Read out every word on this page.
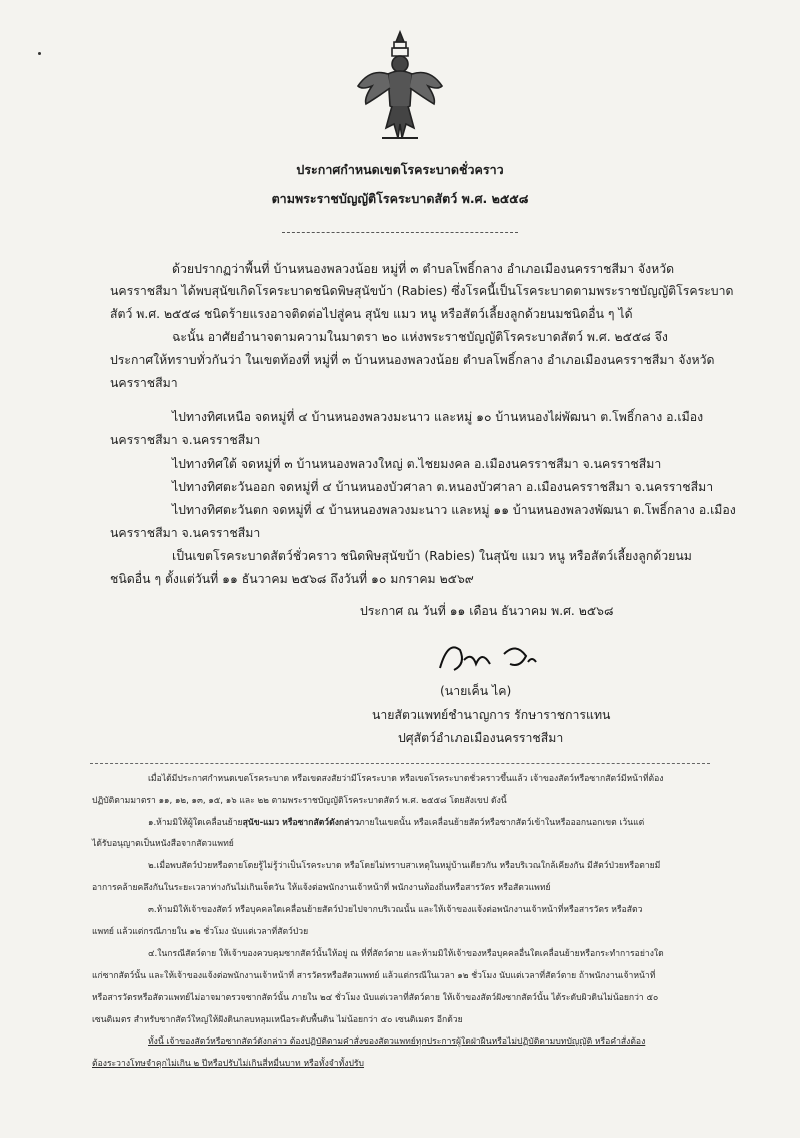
ประกาศกำหนดเขตโรคระบาดชั่วคราว
ตามพระราชบัญญัติโรคระบาดสัตว์ พ.ศ. ๒๕๕๘
ด้วยปรากฏว่าพื้นที่ บ้านหนองพลวงน้อย หมู่ที่ ๓ ตำบลโพธิ์กลาง อำเภอเมืองนครราชสีมา จังหวัด
นครราชสีมา ได้พบสุนัขเกิดโรคระบาดชนิดพิษสุนัขบ้า (Rabies) ซึ่งโรคนี้เป็นโรคระบาดตามพระราชบัญญัติโรคระบาด
สัตว์ พ.ศ. ๒๕๕๘ ชนิดร้ายแรงอาจติดต่อไปสู่คน สุนัข แมว หนู หรือสัตว์เลี้ยงลูกด้วยนมชนิดอื่น ๆ ได้
ฉะนั้น อาศัยอำนาจตามความในมาตรา ๒๐ แห่งพระราชบัญญัติโรคระบาดสัตว์ พ.ศ. ๒๕๕๘ จึง
ประกาศให้ทราบทั่วกันว่า ในเขตท้องที่ หมู่ที่ ๓ บ้านหนองพลวงน้อย ตำบลโพธิ์กลาง อำเภอเมืองนครราชสีมา จังหวัด
นครราชสีมา
ไปทางทิศเหนือ จดหมู่ที่ ๔ บ้านหนองพลวงมะนาว และหมู่ ๑๐ บ้านหนองไผ่พัฒนา ต.โพธิ์กลาง อ.เมือง
นครราชสีมา จ.นครราชสีมา
ไปทางทิศใต้ จดหมู่ที่ ๓ บ้านหนองพลวงใหญ่ ต.ไชยมงคล อ.เมืองนครราชสีมา จ.นครราชสีมา
ไปทางทิศตะวันออก จดหมู่ที่ ๔ บ้านหนองบัวศาลา ต.หนองบัวศาลา อ.เมืองนครราชสีมา จ.นครราชสีมา
ไปทางทิศตะวันตก จดหมู่ที่ ๔ บ้านหนองพลวงมะนาว และหมู่ ๑๑ บ้านหนองพลวงพัฒนา ต.โพธิ์กลาง อ.เมือง
นครราชสีมา จ.นครราชสีมา
เป็นเขตโรคระบาดสัตว์ชั่วคราว ชนิดพิษสุนัขบ้า (Rabies) ในสุนัข แมว หนู หรือสัตว์เลี้ยงลูกด้วยนม
ชนิดอื่น ๆ ตั้งแต่วันที่ ๑๑ ธันวาคม ๒๕๖๘ ถึงวันที่ ๑๐ มกราคม ๒๕๖๙
ประกาศ ณ วันที่ ๑๑ เดือน ธันวาคม พ.ศ. ๒๕๖๘
(นายเค็น ไค)
นายสัตวแพทย์ชำนาญการ รักษาราชการแทน
ปศุสัตว์อำเภอเมืองนครราชสีมา
เมื่อได้มีประกาศกำหนดเขตโรคระบาด หรือเขตสงสัยว่ามีโรคระบาด หรือเขตโรคระบาดชั่วคราวขึ้นแล้ว เจ้าของสัตว์หรือซากสัตว์มีหน้าที่ต้อง
ปฏิบัติตามมาตรา ๑๑, ๑๒, ๑๓, ๑๕, ๑๖ และ ๒๒ ตามพระราชบัญญัติโรคระบาดสัตว์ พ.ศ. ๒๕๕๘ โดยสังเขป ดังนี้
๑.ห้ามมิให้ผู้ใดเคลื่อนย้ายสุนัข-แมว หรือซากสัตว์ดังกล่าวภายในเขตนั้น หรือเคลื่อนย้ายสัตว์หรือซากสัตว์เข้าในหรือออกนอกเขต เว้นแต่
ได้รับอนุญาตเป็นหนังสือจากสัตวแพทย์
๒.เมื่อพบสัตว์ป่วยหรือตายโดยรู้ไม่รู้ว่าเป็นโรคระบาด หรือโดยไม่ทราบสาเหตุในหมู่บ้านเดียวกัน หรือบริเวณใกล้เคียงกัน มีสัตว์ป่วยหรือตายมี
อาการคล้ายคลึงกันในระยะเวลาห่างกันไม่เกินเจ็ดวัน ให้แจ้งต่อพนักงานเจ้าหน้าที่ พนักงานท้องถิ่นหรือสารวัตร หรือสัตวแพทย์
๓.ห้ามมิให้เจ้าของสัตว์ หรือบุคคลใดเคลื่อนย้ายสัตว์ป่วยไปจากบริเวณนั้น และให้เจ้าของแจ้งต่อพนักงานเจ้าหน้าที่หรือสารวัตร หรือสัตว
แพทย์ แล้วแต่กรณีภายใน ๑๒ ชั่วโมง นับแต่เวลาที่สัตว์ป่วย
๔.ในกรณีสัตว์ตาย ให้เจ้าของควบคุมซากสัตว์นั้นให้อยู่ ณ ที่ที่สัตว์ตาย และห้ามมิให้เจ้าของหรือบุคคลอื่นใดเคลื่อนย้ายหรือกระทำการอย่างใด
แก่ซากสัตว์นั้น และให้เจ้าของแจ้งต่อพนักงานเจ้าหน้าที่ สารวัตรหรือสัตวแพทย์ แล้วแต่กรณีในเวลา ๑๒ ชั่วโมง นับแต่เวลาที่สัตว์ตาย ถ้าพนักงานเจ้าหน้าที่
หรือสารวัตรหรือสัตวแพทย์ไม่อาจมาตรวจซากสัตว์นั้น ภายใน ๒๔ ชั่วโมง นับแต่เวลาที่สัตว์ตาย ให้เจ้าของสัตว์ฝังซากสัตว์นั้น ได้ระดับผิวดินไม่น้อยกว่า ๕๐
เซนติเมตร สำหรับซากสัตว์ใหญ่ให้ฝังดินกลบหลุมเหนือระดับพื้นดิน ไม่น้อยกว่า ๕๐ เซนติเมตร อีกด้วย
ทั้งนี้ เจ้าของสัตว์หรือซากสัตว์ดังกล่าว ต้องปฏิบัติตามคำสั่งของสัตวแพทย์ทุกประการผู้ใดฝ่าฝืนหรือไม่ปฏิบัติตามบทบัญญัติ หรือคำสั่งต้อง
ต้องระวางโทษจำคุกไม่เกิน ๒ ปีหรือปรับไม่เกินสี่หมื่นบาท หรือทั้งจำทั้งปรับ
